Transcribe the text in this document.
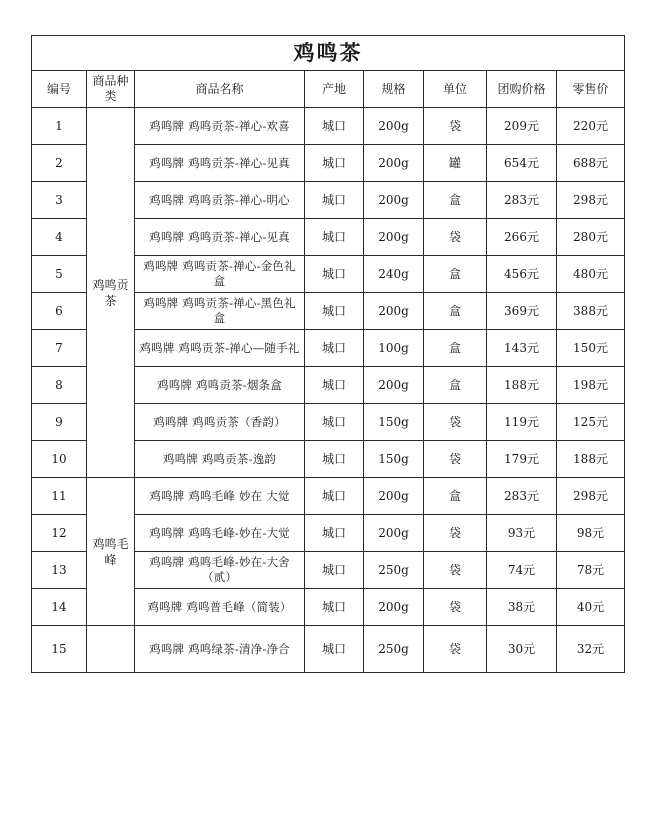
鸡鸣茶							
编号	商品种类	商品名称	产地	规格	单位	团购价格	零售价
1	鸡鸣贡茶	鸡鸣牌 鸡鸣贡茶-禅心-欢喜	城口	200g	袋	209元	220元
2		鸡鸣牌 鸡鸣贡茶-禅心-见真	城口	200g	罐	654元	688元
3		鸡鸣牌 鸡鸣贡茶-禅心-明心	城口	200g	盒	283元	298元
4		鸡鸣牌 鸡鸣贡茶-禅心-见真	城口	200g	袋	266元	280元
5		鸡鸣牌 鸡鸣贡茶-禅心-金色礼盒	城口	240g	盒	456元	480元
6		鸡鸣牌 鸡鸣贡茶-禅心-黑色礼盒	城口	200g	盒	369元	388元
7		鸡鸣牌 鸡鸣贡茶-禅心—随手礼	城口	100g	盒	143元	150元
8		鸡鸣牌 鸡鸣贡茶-烟条盒	城口	200g	盒	188元	198元
9		鸡鸣牌 鸡鸣贡茶（香韵）	城口	150g	袋	119元	125元
10		鸡鸣牌 鸡鸣贡茶-逸韵	城口	150g	袋	179元	188元
11	鸡鸣毛峰	鸡鸣牌 鸡鸣毛峰 妙在 大觉	城口	200g	盒	283元	298元
12		鸡鸣牌 鸡鸣毛峰-妙在-大觉	城口	200g	袋	93元	98元
13		鸡鸣牌 鸡鸣毛峰-妙在-大舍（贰）	城口	250g	袋	74元	78元
14		鸡鸣牌 鸡鸣普毛峰（简装）	城口	200g	袋	38元	40元
15		鸡鸣牌 鸡鸣绿茶-清净-净合	城口	250g	袋	30元	32元
